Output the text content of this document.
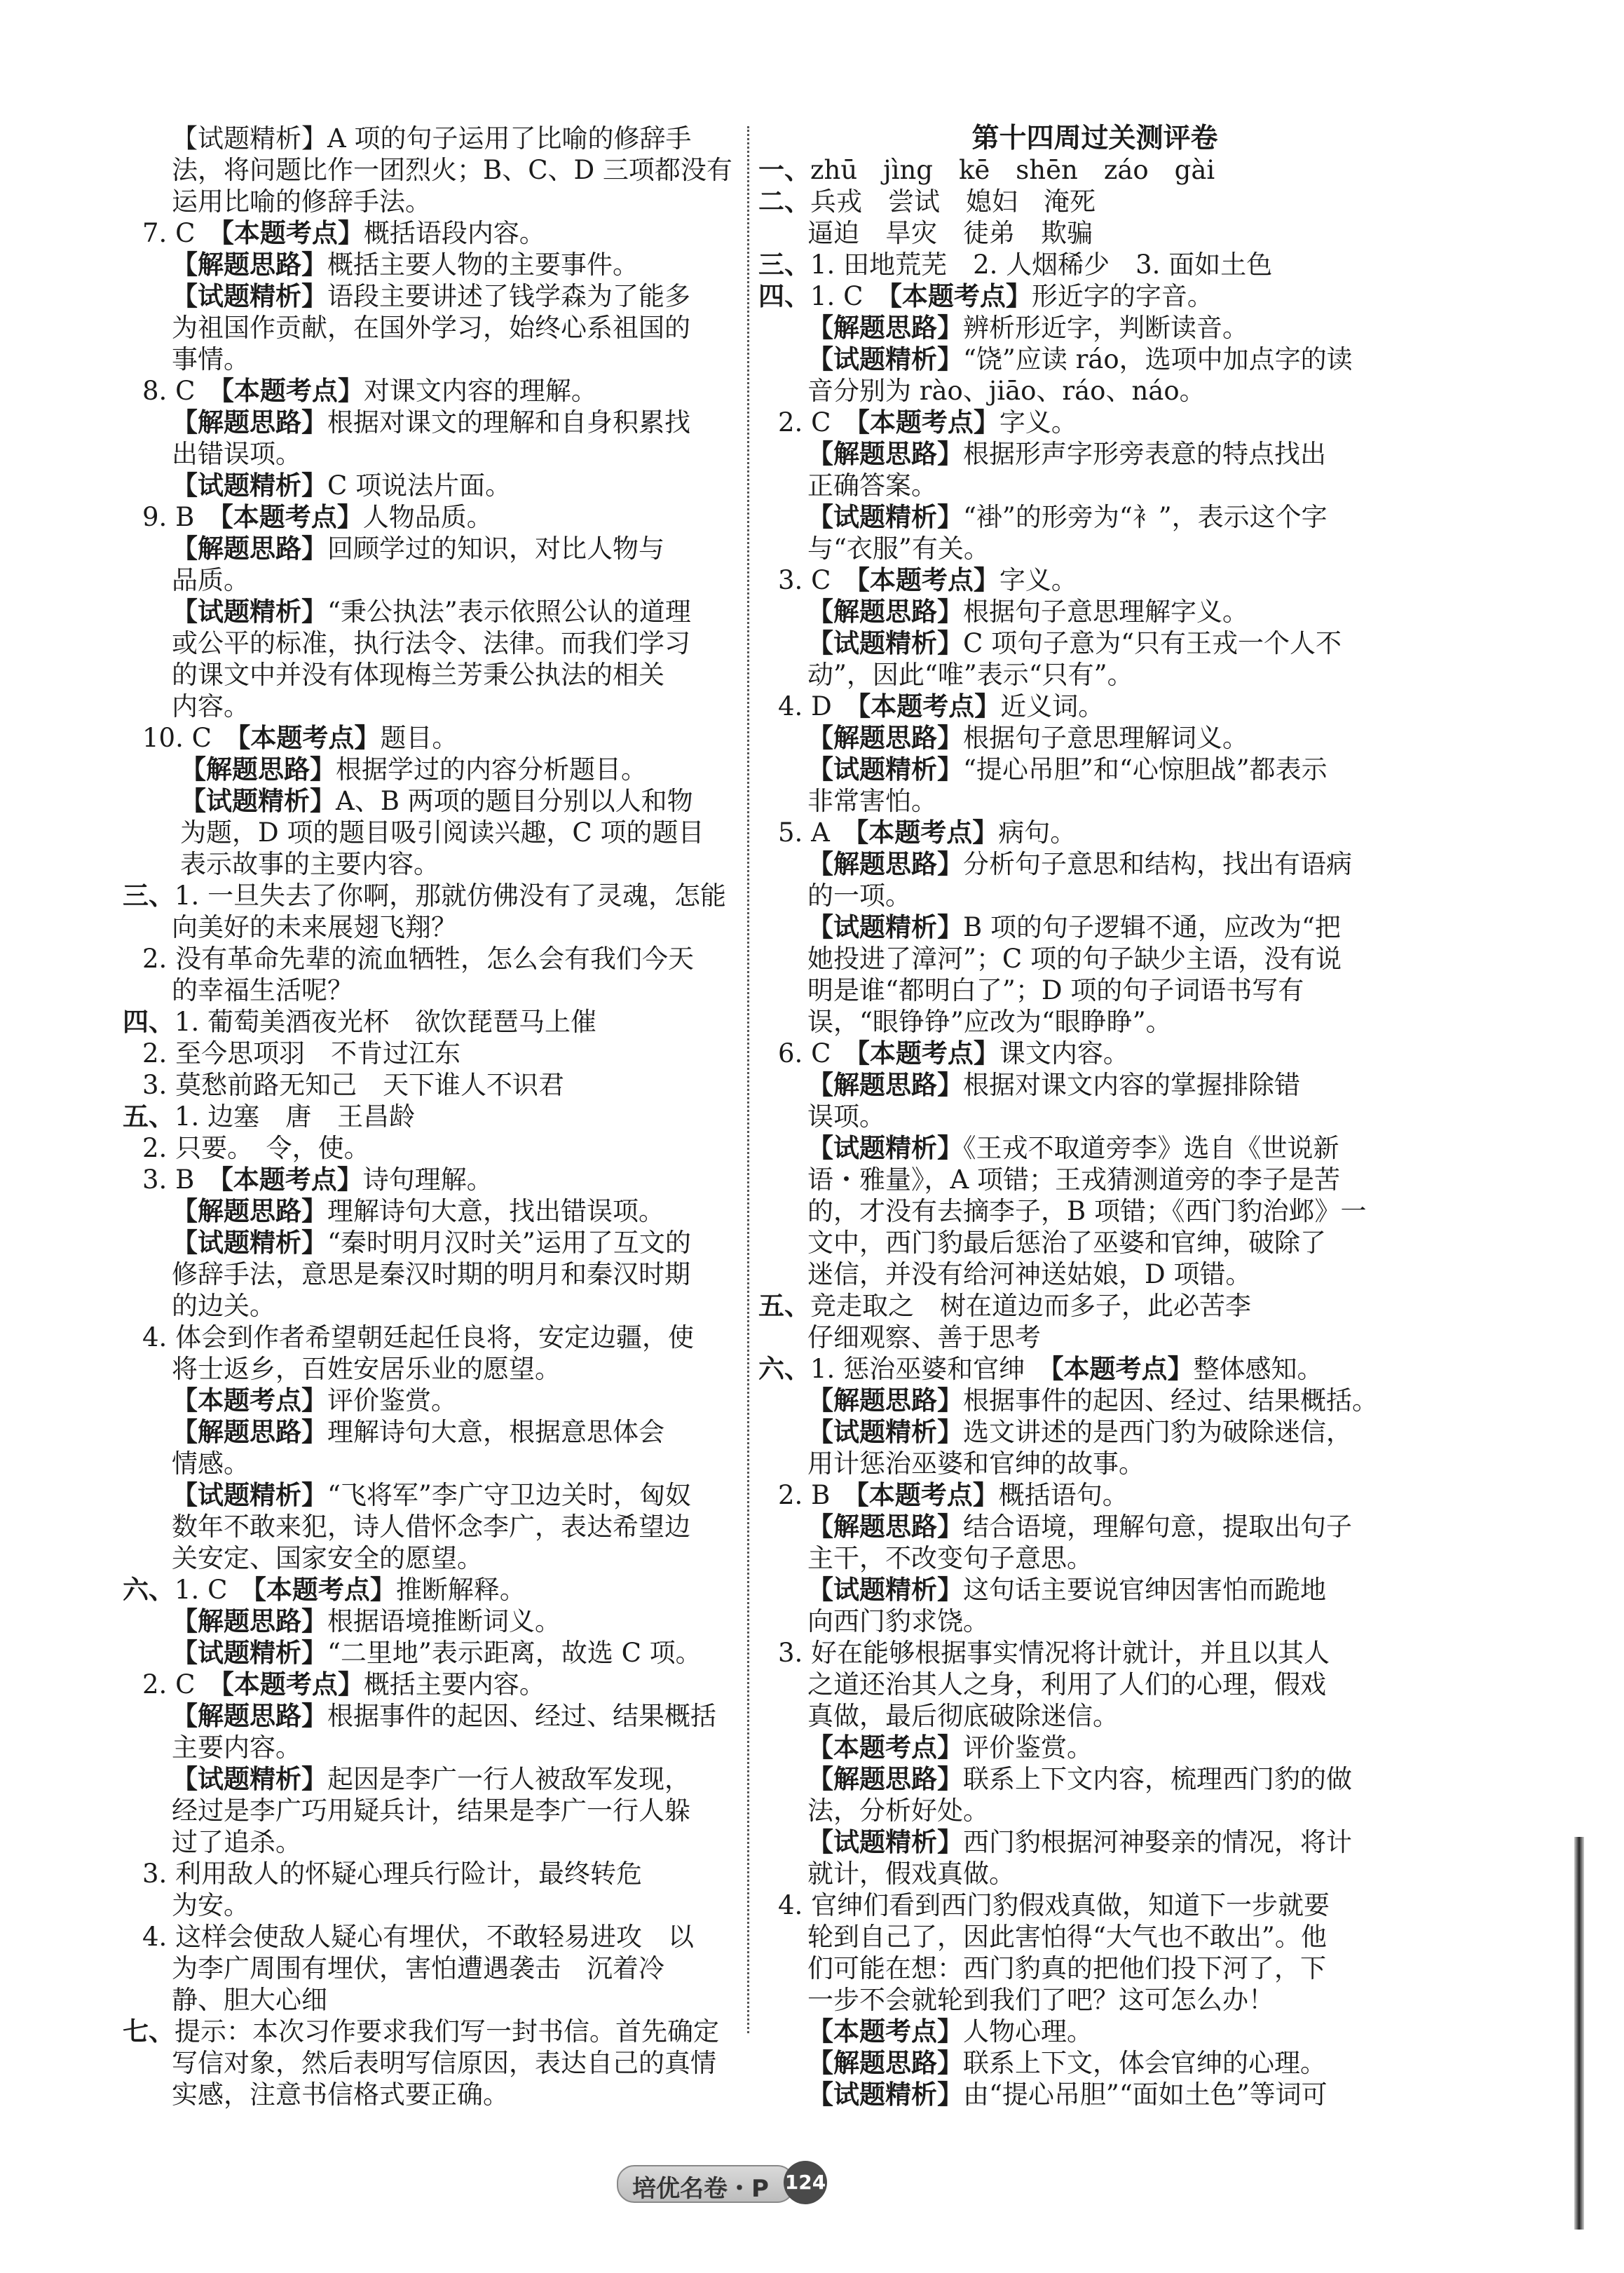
【试题精析】A 项的句子运用了比喻的修辞手
法，将问题比作一团烈火；B、C、D 三项都没有
运用比喻的修辞手法。
7. C　【本题考点】概括语段内容。
【解题思路】概括主要人物的主要事件。
【试题精析】语段主要讲述了钱学森为了能多
为祖国作贡献，在国外学习，始终心系祖国的
事情。
8. C　【本题考点】对课文内容的理解。
【解题思路】根据对课文的理解和自身积累找
出错误项。
【试题精析】C 项说法片面。
9. B　【本题考点】人物品质。
【解题思路】回顾学过的知识，对比人物与
品质。
【试题精析】“秉公执法”表示依照公认的道理
或公平的标准，执行法令、法律。而我们学习
的课文中并没有体现梅兰芳秉公执法的相关
内容。
10. C　【本题考点】题目。
【解题思路】根据学过的内容分析题目。
【试题精析】A、B 两项的题目分别以人和物
为题，D 项的题目吸引阅读兴趣，C 项的题目
表示故事的主要内容。
三、1. 一旦失去了你啊，那就仿佛没有了灵魂，怎能
向美好的未来展翅飞翔？
2. 没有革命先辈的流血牺牲，怎么会有我们今天
的幸福生活呢？
四、1. 葡萄美酒夜光杯　欲饮琵琶马上催
2. 至今思项羽　不肯过江东
3. 莫愁前路无知己　天下谁人不识君
五、1. 边塞　唐　王昌龄
2. 只要。　令，使。
3. B　【本题考点】诗句理解。
【解题思路】理解诗句大意，找出错误项。
【试题精析】“秦时明月汉时关”运用了互文的
修辞手法，意思是秦汉时期的明月和秦汉时期
的边关。
4. 体会到作者希望朝廷起任良将，安定边疆，使
将士返乡，百姓安居乐业的愿望。
【本题考点】评价鉴赏。
【解题思路】理解诗句大意，根据意思体会
情感。
【试题精析】“飞将军”李广守卫边关时，匈奴
数年不敢来犯，诗人借怀念李广，表达希望边
关安定、国家安全的愿望。
六、1. C　【本题考点】推断解释。
【解题思路】根据语境推断词义。
【试题精析】“二里地”表示距离，故选 C 项。
2. C　【本题考点】概括主要内容。
【解题思路】根据事件的起因、经过、结果概括
主要内容。
【试题精析】起因是李广一行人被敌军发现，
经过是李广巧用疑兵计，结果是李广一行人躲
过了追杀。
3. 利用敌人的怀疑心理兵行险计，最终转危
为安。
4. 这样会使敌人疑心有埋伏，不敢轻易进攻　以
为李广周围有埋伏，害怕遭遇袭击　沉着冷
静、胆大心细
七、提示：本次习作要求我们写一封书信。首先确定
写信对象，然后表明写信原因，表达自己的真情
实感，注意书信格式要正确。
第十四周过关测评卷
一、zhū　jìng　kē　shēn　záo　gài
二、兵戎　尝试　媳妇　淹死
逼迫　旱灾　徒弟　欺骗
三、1. 田地荒芜　2. 人烟稀少　3. 面如土色
四、1. C　【本题考点】形近字的字音。
【解题思路】辨析形近字，判断读音。
【试题精析】“饶”应读 ráo，选项中加点字的读
音分别为 rào、jiāo、ráo、náo。
2. C　【本题考点】字义。
【解题思路】根据形声字形旁表意的特点找出
正确答案。
【试题精析】“褂”的形旁为“衤”，表示这个字
与“衣服”有关。
3. C　【本题考点】字义。
【解题思路】根据句子意思理解字义。
【试题精析】C 项句子意为“只有王戎一个人不
动”，因此“唯”表示“只有”。
4. D　【本题考点】近义词。
【解题思路】根据句子意思理解词义。
【试题精析】“提心吊胆”和“心惊胆战”都表示
非常害怕。
5. A　【本题考点】病句。
【解题思路】分析句子意思和结构，找出有语病
的一项。
【试题精析】B 项的句子逻辑不通，应改为“把
她投进了漳河”；C 项的句子缺少主语，没有说
明是谁“都明白了”；D 项的句子词语书写有
误，“眼铮铮”应改为“眼睁睁”。
6. C　【本题考点】课文内容。
【解题思路】根据对课文内容的掌握排除错
误项。
【试题精析】《王戎不取道旁李》选自《世说新
语・雅量》，A 项错；王戎猜测道旁的李子是苦
的，才没有去摘李子，B 项错；《西门豹治邺》一
文中，西门豹最后惩治了巫婆和官绅，破除了
迷信，并没有给河神送姑娘，D 项错。
五、竞走取之　树在道边而多子，此必苦李
仔细观察、善于思考
六、1. 惩治巫婆和官绅　【本题考点】整体感知。
【解题思路】根据事件的起因、经过、结果概括。
【试题精析】选文讲述的是西门豹为破除迷信，
用计惩治巫婆和官绅的故事。
2. B　【本题考点】概括语句。
【解题思路】结合语境，理解句意，提取出句子
主干，不改变句子意思。
【试题精析】这句话主要说官绅因害怕而跪地
向西门豹求饶。
3. 好在能够根据事实情况将计就计，并且以其人
之道还治其人之身，利用了人们的心理，假戏
真做，最后彻底破除迷信。
【本题考点】评价鉴赏。
【解题思路】联系上下文内容，梳理西门豹的做
法，分析好处。
【试题精析】西门豹根据河神娶亲的情况，将计
就计，假戏真做。
4. 官绅们看到西门豹假戏真做，知道下一步就要
轮到自己了，因此害怕得“大气也不敢出”。他
们可能在想：西门豹真的把他们投下河了，下
一步不会就轮到我们了吧？这可怎么办！
【本题考点】人物心理。
【解题思路】联系上下文，体会官绅的心理。
【试题精析】由“提心吊胆”“面如土色”等词可
培优名卷・P 124
